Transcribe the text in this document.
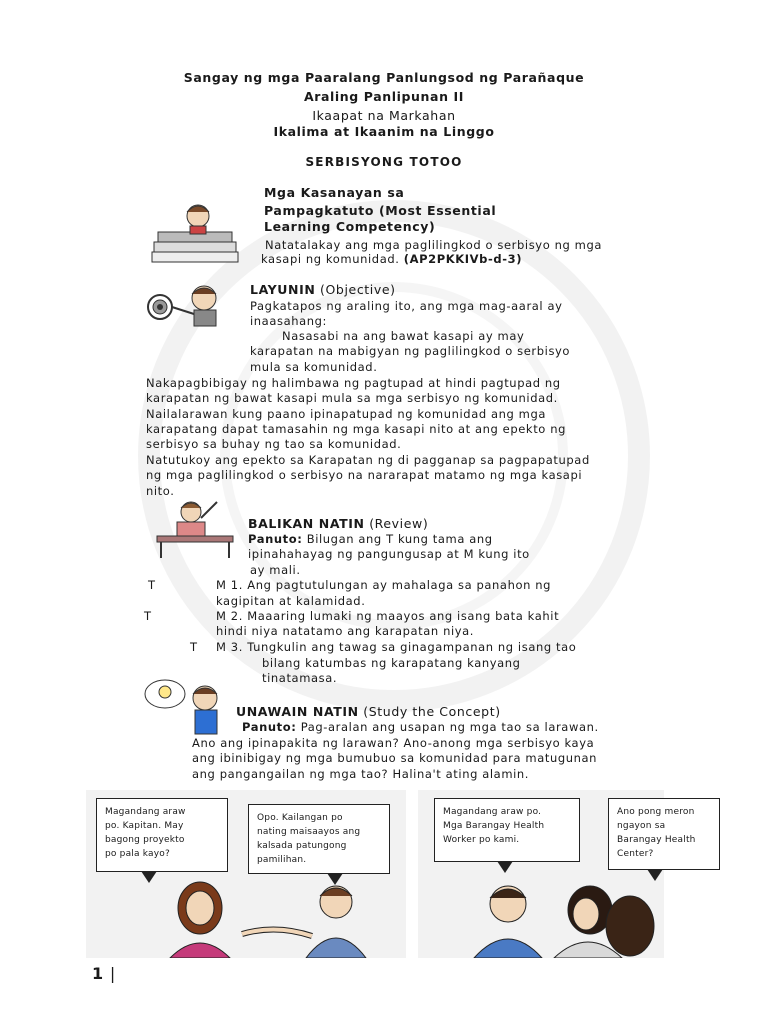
Sangay ng mga Paaralang Panlungsod ng Parañaque
Araling Panlipunan II
Ikaapat na Markahan
Ikalima at Ikaanim na Linggo
SERBISYONG TOTOO
Mga Kasanayan sa
Pampagkatuto (Most Essential
Learning Competency)
Natatalakay ang mga paglilingkod o serbisyo ng mga
kasapi ng komunidad. (AP2PKKIVb-d-3)
LAYUNIN (Objective)
Pagkatapos ng araling ito, ang mga mag-aaral ay
inaasahang:
Nasasabi na ang bawat kasapi ay may
karapatan na mabigyan ng paglilingkod o serbisyo
mula sa komunidad.
Nakapagbibigay ng halimbawa ng pagtupad at hindi pagtupad ng
karapatan ng bawat kasapi mula sa mga serbisyo ng komunidad.
Nailalarawan kung paano ipinapatupad ng komunidad ang mga
karapatang dapat tamasahin ng mga kasapi nito at ang epekto ng
serbisyo sa buhay ng tao sa komunidad.
Natutukoy ang epekto sa Karapatan ng di pagganap sa pagpapatupad
ng mga paglilingkod o serbisyo na nararapat matamo ng mga kasapi
nito.
BALIKAN NATIN (Review)
Panuto: Bilugan ang T kung tama ang
ipinahahayag ng pangungusap at M kung ito
ay mali.
T	M 1. Ang pagtutulungan ay mahalaga sa panahon ng
kagipitan at kalamidad.
T	M 2. Maaaring lumaki ng maayos ang isang bata kahit
hindi niya natatamo ang karapatan niya.
T M 3. Tungkulin ang tawag sa ginagampanan ng isang tao
bilang katumbas ng karapatang kanyang
tinatamasa.
UNAWAIN NATIN (Study the Concept)
Panuto: Pag-aralan ang usapan ng mga tao sa larawan.
Ano ang ipinapakita ng larawan? Ano-anong mga serbisyo kaya
ang ibinibigay ng mga bumubuo sa komunidad para matugunan
ang pangangailan ng mga tao? Halina't ating alamin.
Magandang araw
po. Kapitan. May
bagong proyekto
po pala kayo?
Opo. Kailangan po
nating maisaayos ang
kalsada patungong
pamilihan.
Magandang araw po.
Mga Barangay Health
Worker po kami.
Ano pong meron
ngayon sa
Barangay Health
Center?
1 |
